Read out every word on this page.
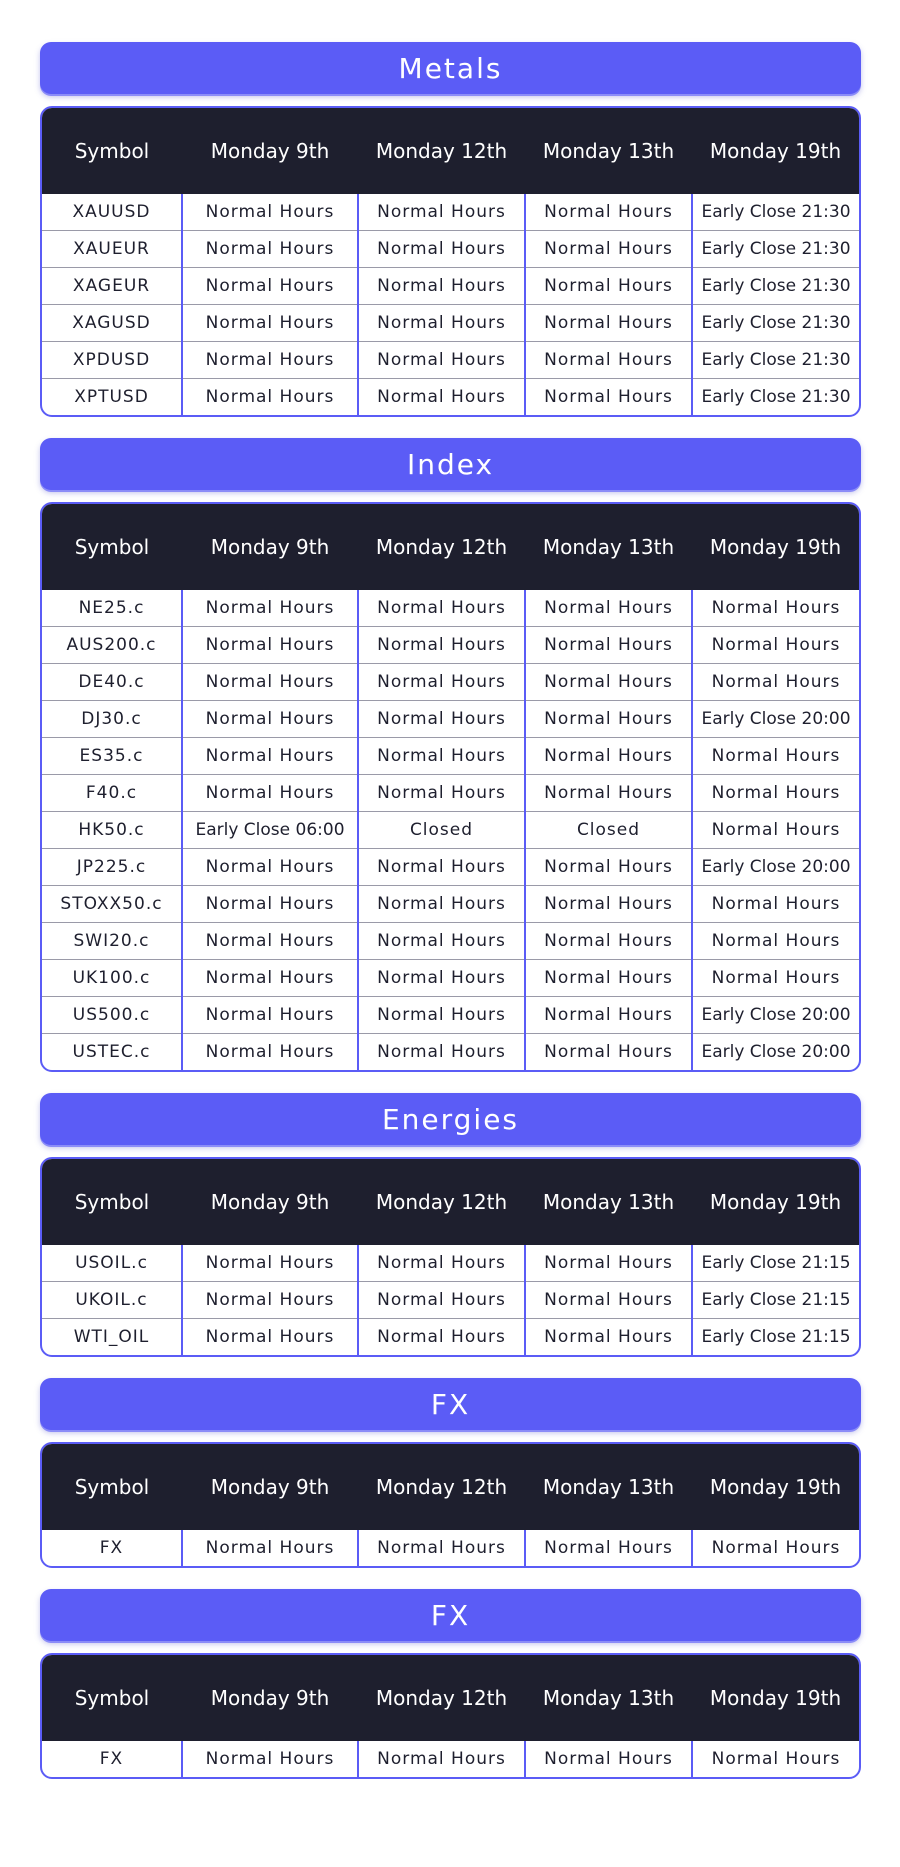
Metals
Symbol	Monday 9th	Monday 12th	Monday 13th	Monday 19th
XAUUSD	Normal Hours	Normal Hours	Normal Hours	Early Close 21:30
XAUEUR	Normal Hours	Normal Hours	Normal Hours	Early Close 21:30
XAGEUR	Normal Hours	Normal Hours	Normal Hours	Early Close 21:30
XAGUSD	Normal Hours	Normal Hours	Normal Hours	Early Close 21:30
XPDUSD	Normal Hours	Normal Hours	Normal Hours	Early Close 21:30
XPTUSD	Normal Hours	Normal Hours	Normal Hours	Early Close 21:30
Index
Symbol	Monday 9th	Monday 12th	Monday 13th	Monday 19th
NE25.c	Normal Hours	Normal Hours	Normal Hours	Normal Hours
AUS200.c	Normal Hours	Normal Hours	Normal Hours	Normal Hours
DE40.c	Normal Hours	Normal Hours	Normal Hours	Normal Hours
DJ30.c	Normal Hours	Normal Hours	Normal Hours	Early Close 20:00
ES35.c	Normal Hours	Normal Hours	Normal Hours	Normal Hours
F40.c	Normal Hours	Normal Hours	Normal Hours	Normal Hours
HK50.c	Early Close 06:00	Closed	Closed	Normal Hours
JP225.c	Normal Hours	Normal Hours	Normal Hours	Early Close 20:00
STOXX50.c	Normal Hours	Normal Hours	Normal Hours	Normal Hours
SWI20.c	Normal Hours	Normal Hours	Normal Hours	Normal Hours
UK100.c	Normal Hours	Normal Hours	Normal Hours	Normal Hours
US500.c	Normal Hours	Normal Hours	Normal Hours	Early Close 20:00
USTEC.c	Normal Hours	Normal Hours	Normal Hours	Early Close 20:00
Energies
Symbol	Monday 9th	Monday 12th	Monday 13th	Monday 19th
USOIL.c	Normal Hours	Normal Hours	Normal Hours	Early Close 21:15
UKOIL.c	Normal Hours	Normal Hours	Normal Hours	Early Close 21:15
WTI_OIL	Normal Hours	Normal Hours	Normal Hours	Early Close 21:15
FX
Symbol	Monday 9th	Monday 12th	Monday 13th	Monday 19th
FX	Normal Hours	Normal Hours	Normal Hours	Normal Hours
FX
Symbol	Monday 9th	Monday 12th	Monday 13th	Monday 19th
FX	Normal Hours	Normal Hours	Normal Hours	Normal Hours
